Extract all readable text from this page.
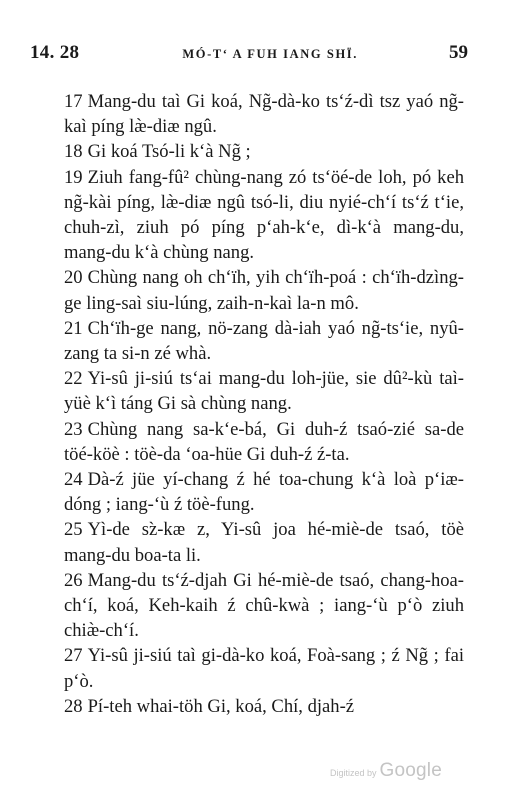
14. 28	MÓ-Tʻ A FUH IANG SHÏ.	59

17 Mang-du taì Gi koá, Ng̃-dà-ko tsʻź-dì tsz yaó ng̃-kaì píng læ̀-diæ ngû.

18 Gi koá Tsó-li kʻà Ng̃ ;

19 Ziuh fang-fû² chùng-nang zó tsʻöé-de loh, pó keh ng̃-kài píng, læ̀-diæ ngû tsó-li, diu nyié-chʻí tsʻź tʻie, chuh-zì, ziuh pó píng pʻah-kʻe, dì-kʻà mang-du, mang-du kʻà chùng nang.

20 Chùng nang oh chʻïh, yih chʻïh-poá : chʻïh-dzìng-ge ling-saì siu-lúng, zaih-n-kaì la-n mô.

21 Chʻïh-ge nang, nö-zang dà-iah yaó ng̃-tsʻie, nyû-zang ta si-n zé whà.

22 Yi-sû ji-siú tsʻai mang-du loh-jüe, sie dû²-kù taì-yüè kʻì táng Gi sà chùng nang.

23 Chùng nang sa-kʻe-bá, Gi duh-ź tsaó-zié sa-de töé-köè : töè-da ʻoa-hüe Gi duh-ź ź-ta.

24 Dà-ź jüe yí-chang ź hé toa-chung kʻà loà pʻiæ-dóng ; iang-ʻù ź töè-fung.

25 Yì-de sz̀-kæ z, Yi-sû joa hé-miè-de tsaó, töè mang-du boa-ta li.

26 Mang-du tsʻź-djah Gi hé-miè-de tsaó, chang-hoa-chʻí, koá, Keh-kaih ź chû-kwà ; iang-ʻù pʻò ziuh chiæ̀-chʻí.

27 Yi-sû ji-siú taì gi-dà-ko koá, Foà-sang ; ź Ng̃ ; fai pʻò.

28 Pí-teh whai-töh Gi, koá, Chí, djah-ź

Digitized by Google
